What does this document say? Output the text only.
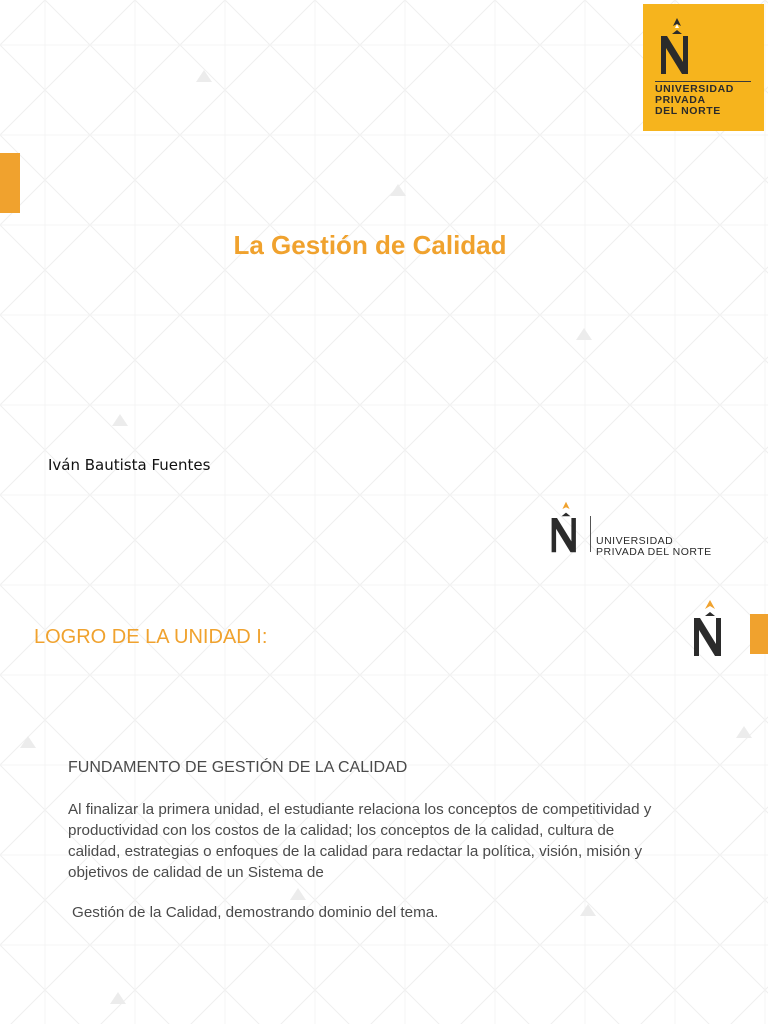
UNIVERSIDAD
PRIVADA
DEL NORTE
La Gestión de Calidad
Iván Bautista Fuentes
UNIVERSIDAD
PRIVADA DEL NORTE
LOGRO DE LA UNIDAD I:
FUNDAMENTO DE GESTIÓN DE LA CALIDAD
Al finalizar la primera unidad, el estudiante relaciona los conceptos de competitividad y productividad con los costos de la calidad; los conceptos de la calidad, cultura de calidad, estrategias o enfoques de la calidad para redactar la política, visión, misión y objetivos de calidad de un Sistema de
Gestión de la Calidad, demostrando dominio del tema.
